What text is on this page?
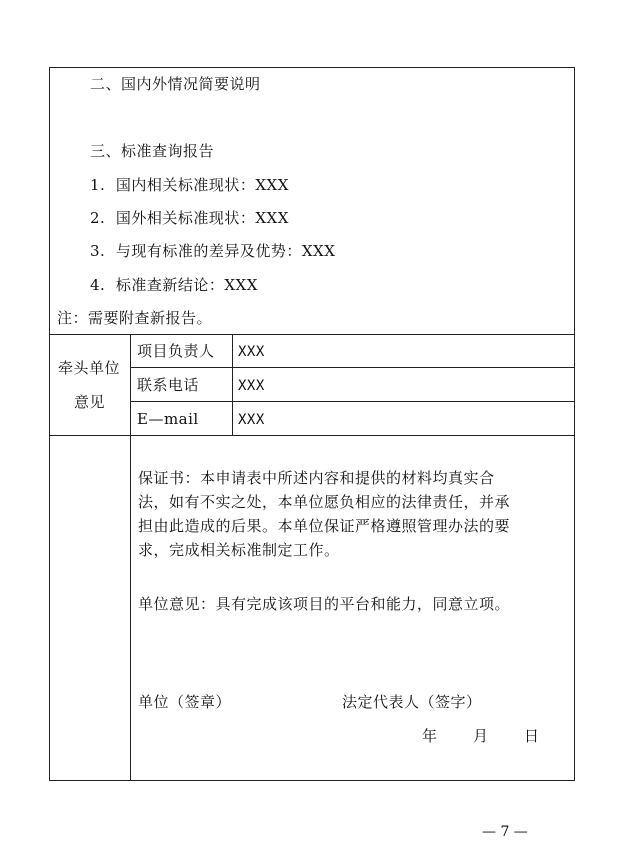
二、国内外情况简要说明
三、标准查询报告
1. 国内相关标准现状：XXX
2. 国外相关标准现状：XXX
3. 与现有标准的差异及优势：XXX
4. 标准查新结论：XXX
注：需要附查新报告。
牵头单位
意见
项目负责人 XXX
联系电话	XXX
E—mail	XXX
保证书：本申请表中所述内容和提供的材料均真实合
法，如有不实之处，本单位愿负相应的法律责任，并承
担由此造成的后果。本单位保证严格遵照管理办法的要
求，完成相关标准制定工作。
单位意见：具有完成该项目的平台和能力，同意立项。
单位（签章）	法定代表人（签字）
年 月 日
— 7 —
